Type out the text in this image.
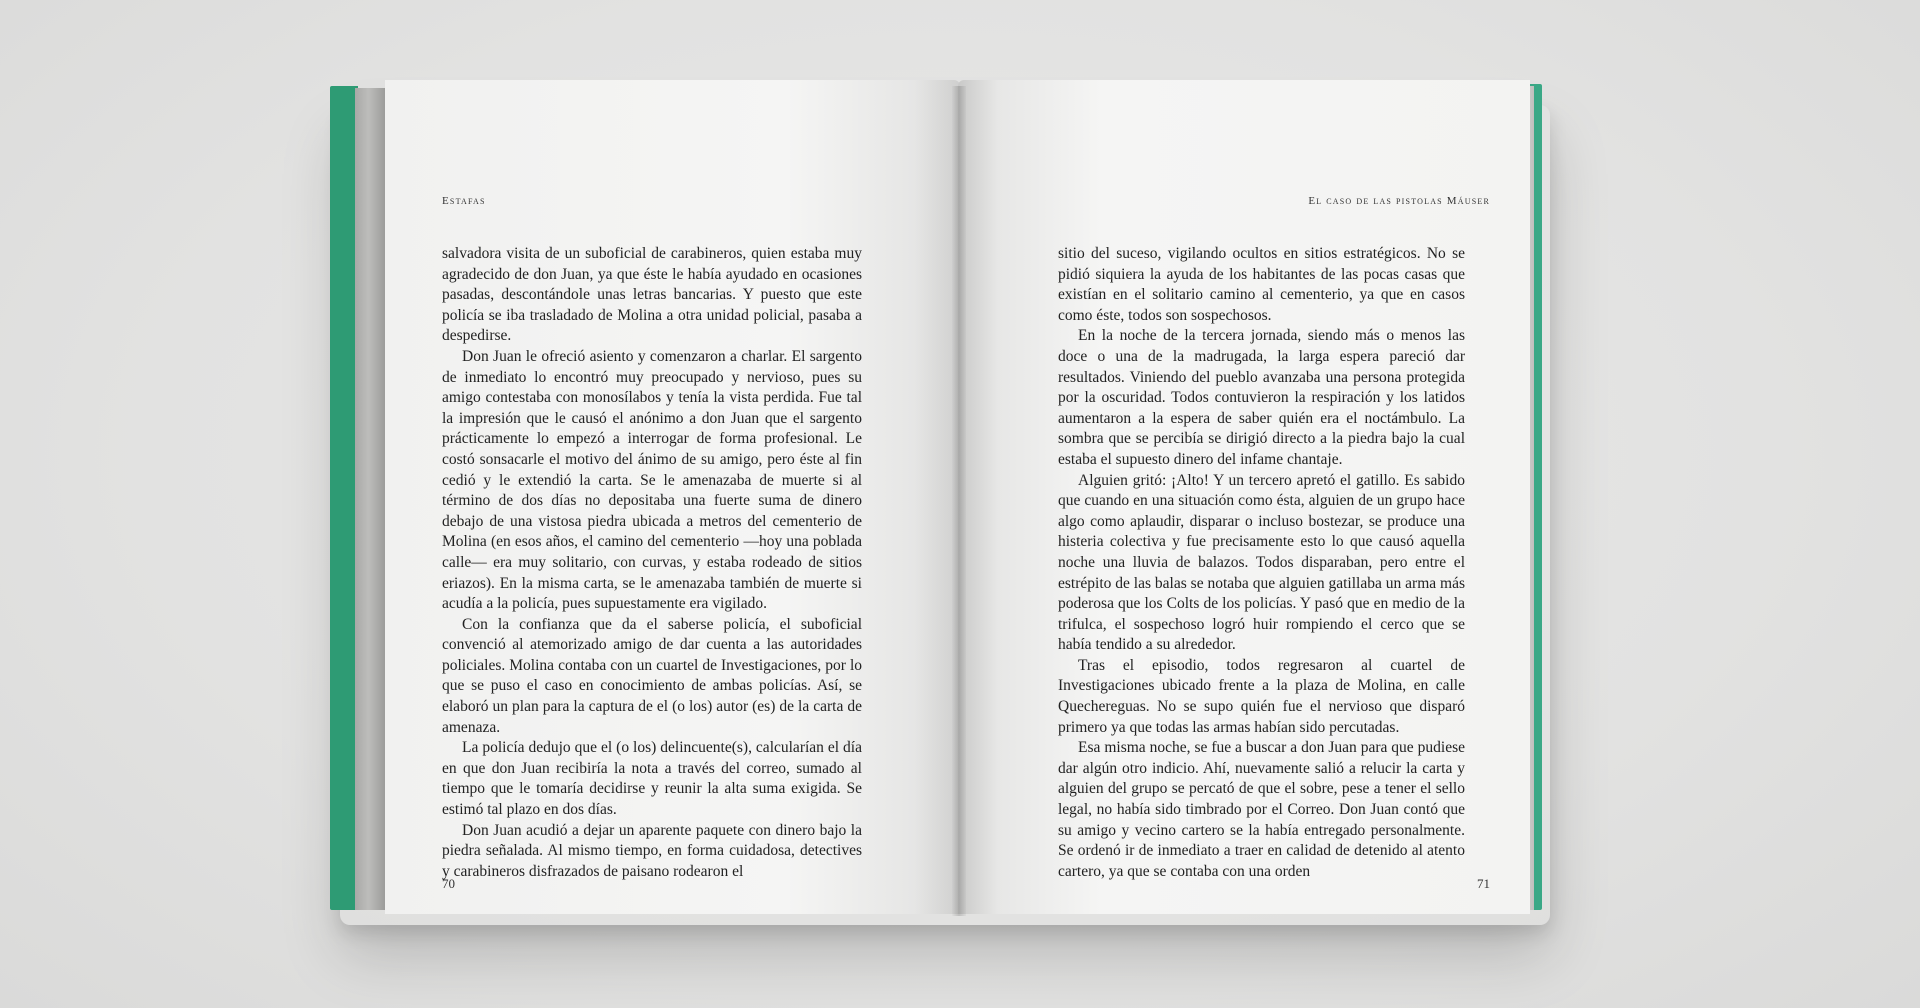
Estafas

salvadora visita de un suboficial de carabineros, quien estaba muy agradecido de don Juan, ya que éste le había ayudado en ocasiones pasadas, descontándole unas letras bancarias. Y puesto que este policía se iba trasladado de Molina a otra unidad policial, pasaba a despedirse.

Don Juan le ofreció asiento y comenzaron a charlar. El sargento de inmediato lo encontró muy preocupado y nervioso, pues su amigo contestaba con monosílabos y tenía la vista perdida. Fue tal la impresión que le causó el anónimo a don Juan que el sargento prácticamente lo empezó a interrogar de forma profesional. Le costó sonsacarle el motivo del ánimo de su amigo, pero éste al fin cedió y le extendió la carta. Se le amenazaba de muerte si al término de dos días no depositaba una fuerte suma de dinero debajo de una vistosa piedra ubicada a metros del cementerio de Molina (en esos años, el camino del cementerio —hoy una poblada calle— era muy solitario, con curvas, y estaba rodeado de sitios eriazos). En la misma carta, se le amenazaba también de muerte si acudía a la policía, pues supuestamente era vigilado.

Con la confianza que da el saberse policía, el suboficial convenció al atemorizado amigo de dar cuenta a las autoridades policiales. Molina contaba con un cuartel de Investigaciones, por lo que se puso el caso en conocimiento de ambas policías. Así, se elaboró un plan para la captura de el (o los) autor (es) de la carta de amenaza.

La policía dedujo que el (o los) delincuente(s), calcularían el día en que don Juan recibiría la nota a través del correo, sumado al tiempo que le tomaría decidirse y reunir la alta suma exigida. Se estimó tal plazo en dos días.

Don Juan acudió a dejar un aparente paquete con dinero bajo la piedra señalada. Al mismo tiempo, en forma cuidadosa, detectives y carabineros disfrazados de paisano rodearon el

70
El caso de las pistolas Máuser

sitio del suceso, vigilando ocultos en sitios estratégicos. No se pidió siquiera la ayuda de los habitantes de las pocas casas que existían en el solitario camino al cementerio, ya que en casos como éste, todos son sospechosos.

En la noche de la tercera jornada, siendo más o menos las doce o una de la madrugada, la larga espera pareció dar resultados. Viniendo del pueblo avanzaba una persona protegida por la oscuridad. Todos contuvieron la respiración y los latidos aumentaron a la espera de saber quién era el noctámbulo. La sombra que se percibía se dirigió directo a la piedra bajo la cual estaba el supuesto dinero del infame chantaje.

Alguien gritó: ¡Alto! Y un tercero apretó el gatillo. Es sabido que cuando en una situación como ésta, alguien de un grupo hace algo como aplaudir, disparar o incluso bostezar, se produce una histeria colectiva y fue precisamente esto lo que causó aquella noche una lluvia de balazos. Todos disparaban, pero entre el estrépito de las balas se notaba que alguien gatillaba un arma más poderosa que los Colts de los policías. Y pasó que en medio de la trifulca, el sospechoso logró huir rompiendo el cerco que se había tendido a su alrededor.

Tras el episodio, todos regresaron al cuartel de Investigaciones ubicado frente a la plaza de Molina, en calle Quechereguas. No se supo quién fue el nervioso que disparó primero ya que todas las armas habían sido percutadas.

Esa misma noche, se fue a buscar a don Juan para que pudiese dar algún otro indicio. Ahí, nuevamente salió a relucir la carta y alguien del grupo se percató de que el sobre, pese a tener el sello legal, no había sido timbrado por el Correo. Don Juan contó que su amigo y vecino cartero se la había entregado personalmente. Se ordenó ir de inmediato a traer en calidad de detenido al atento cartero, ya que se contaba con una orden

71
